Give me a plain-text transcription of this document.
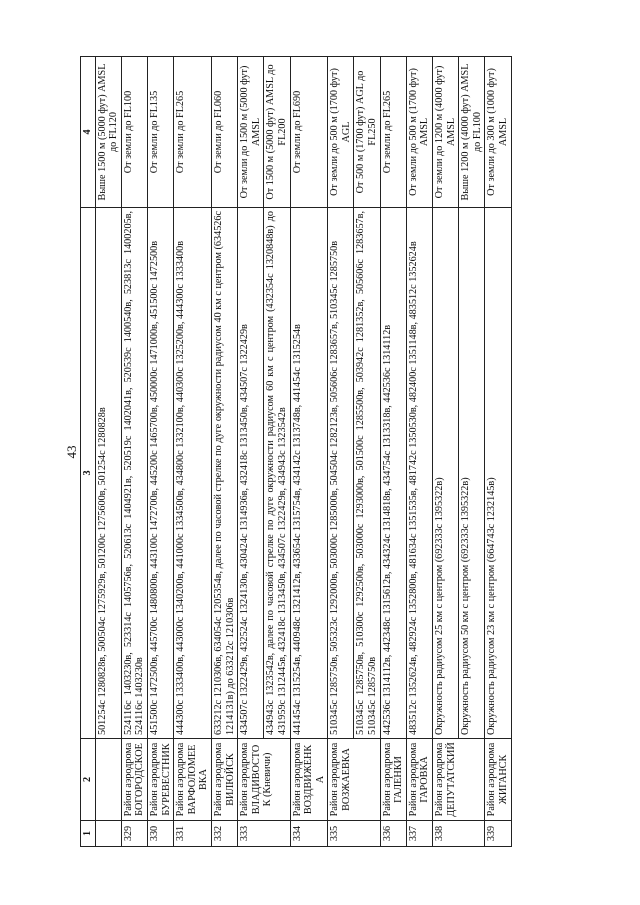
43
1	2	3	4
		501254с 1280828в, 500504с 1275929в, 501200с 1275600в, 501254с 1280828в	Выше 1500 м (5000 фут) AMSL до FL120
329	Район аэродрома БОГОРОДСКОЕ	524116с 1403230в, 523314с 1405756в, 520613с 1404921в, 520519с 1402041в, 520539с 1400540в, 523813с 1400205в, 524116с 1403230в	От земли до FL100
330	Район аэродрома БУРЕВЕСТНИК	451500с 1472500в, 445700с 1480800в, 443100с 1472700в, 445200с 1465700в, 450000с 1471000в, 451500с 1472500в	От земли до FL135
331	Район аэродрома ВАРФОЛОМЕЕВКА	444300с 1333400в, 443000с 1340200в, 441000с 1334500в, 434800с 1332100в, 440300с 1325200в, 444300с 1333400в	От земли до FL265
332	Район аэродрома ВИЛЮЙСК	633212с 1210306в, 634054с 1205354в, далее по часовой стрелке по дуге окружности радиусом 40 км с центром (634526с 1214131в) до 633212с 1210306в	От земли до FL060
333	Район аэродрома ВЛАДИВОСТОК (Кневичи)	434507с 1322429в, 432524с 1324130в, 430424с 1314936в, 432418с 1313450в, 434507с 1322429в	От земли до 1500 м (5000 фут) AMSL
		434943с 1323542в, далее по часовой стрелке по дуге окружности радиусом 60 км с центром (432354с 1320848в) до 431959с 1312445в, 432418с 1313450в, 434507с 1322429в, 434943с 1323542в	От 1500 м (5000 фут) AMSL до FL200
334	Район аэродрома ВОЗДВИЖЕНКА	441454с 1315254в, 440948с 1321412в, 433654с 1315754в, 434142с 1313748в, 441454с 1315254в	От земли до FL690
335	Район аэродрома ВОЗЖАЕВКА	510345с 1285750в, 505323с 1292000в, 503000с 1285000в, 504504с 1282123в, 505606с 1283657в, 510345с 1285750в	От земли до 500 м (1700 фут) AGL
		510345с 1285750в, 510300с 1292500в, 503000с 1293000в, 501500с 1285500в, 503942с 1281352в, 505606с 1283657в, 510345с 1285750в	От 500 м (1700 фут) AGL до FL250
336	Район аэродрома ГАЛЕНКИ	442536с 1314112в, 442348с 1315612в, 434324с 1314818в, 434754с 1313318в, 442536с 1314112в	От земли до FL265
337	Район аэродрома ГАРОВКА	483512с 1352624в, 482924с 1352800в, 481634с 1351535в, 481742с 1350530в, 482400с 1351148в, 483512с 1352624в	От земли до 500 м (1700 фут) AMSL
338	Район аэродрома ДЕПУТАТСКИЙ	Окружность радиусом 25 км с центром (692333с 1395322в)	От земли до 1200 м (4000 фут) AMSL
		Окружность радиусом 50 км с центром (692333с 1395322в)	Выше 1200 м (4000 фут) AMSL до FL100
339	Район аэродрома ЖИГАНСК	Окружность радиусом 23 км с центром (664743с 1232145в)	От земли до 300 м (1000 фут) AMSL
